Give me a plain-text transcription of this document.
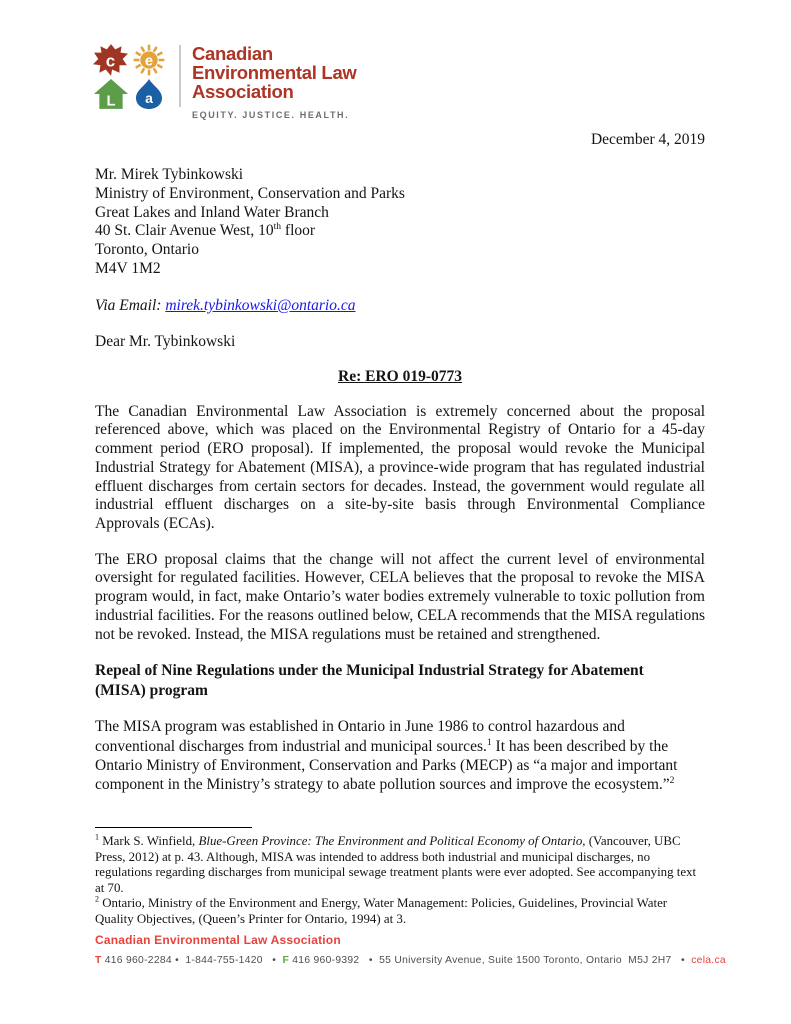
c e
L a
Canadian
Environmental Law
Association
EQUITY. JUSTICE. HEALTH.

December 4, 2019

Mr. Mirek Tybinkowski
Ministry of Environment, Conservation and Parks
Great Lakes and Inland Water Branch
40 St. Clair Avenue West, 10th floor
Toronto, Ontario
M4V 1M2

Via Email: mirek.tybinkowski@ontario.ca

Dear Mr. Tybinkowski

Re: ERO 019-0773

The Canadian Environmental Law Association is extremely concerned about the proposal referenced above, which was placed on the Environmental Registry of Ontario for a 45-day comment period (ERO proposal). If implemented, the proposal would revoke the Municipal Industrial Strategy for Abatement (MISA), a province-wide program that has regulated industrial effluent discharges from certain sectors for decades. Instead, the government would regulate all industrial effluent discharges on a site-by-site basis through Environmental Compliance Approvals (ECAs).

The ERO proposal claims that the change will not affect the current level of environmental oversight for regulated facilities. However, CELA believes that the proposal to revoke the MISA program would, in fact, make Ontario’s water bodies extremely vulnerable to toxic pollution from industrial facilities. For the reasons outlined below, CELA recommends that the MISA regulations not be revoked. Instead, the MISA regulations must be retained and strengthened.

Repeal of Nine Regulations under the Municipal Industrial Strategy for Abatement (MISA) program

The MISA program was established in Ontario in June 1986 to control hazardous and conventional discharges from industrial and municipal sources.$^1$ It has been described by the Ontario Ministry of Environment, Conservation and Parks (MECP) as “a major and important component in the Ministry’s strategy to abate pollution sources and improve the ecosystem.”$^2$

$^1$ Mark S. Winfield, Blue-Green Province: The Environment and Political Economy of Ontario, (Vancouver, UBC Press, 2012) at p. 43. Although, MISA was intended to address both industrial and municipal discharges, no regulations regarding discharges from municipal sewage treatment plants were ever adopted. See accompanying text at 70.

$^2$ Ontario, Ministry of the Environment and Energy, Water Management: Policies, Guidelines, Provincial Water Quality Objectives, (Queen’s Printer for Ontario, 1994) at 3.

Canadian Environmental Law Association
T 416 960-2284 •  1-844-755-1420   •  F 416 960-9392   •  55 University Avenue, Suite 1500 Toronto, Ontario  M5J 2H7   •  cela.ca
